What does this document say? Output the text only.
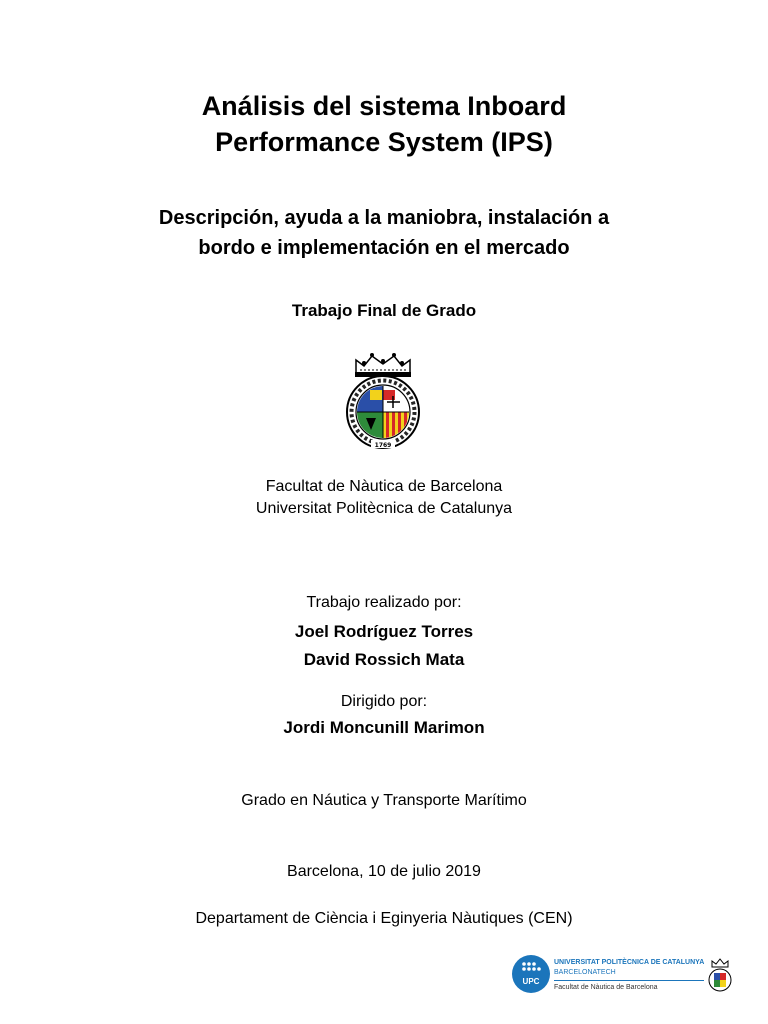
Análisis del sistema Inboard
Performance System (IPS)
Descripción, ayuda a la maniobra, instalación a
bordo e implementación en el mercado
Trabajo Final de Grado
1769
Facultat de Nàutica de Barcelona
Universitat Politècnica de Catalunya
Trabajo realizado por:
Joel Rodríguez Torres
David Rossich Mata
Dirigido por:
Jordi Moncunill Marimon
Grado en Náutica y Transporte Marítimo
Barcelona, 10 de julio 2019
Departament de Ciència i Eginyeria Nàutiques (CEN)
UPC
UNIVERSITAT POLITÈCNICA DE CATALUNYA
BARCELONATECH
Facultat de Nàutica de Barcelona
